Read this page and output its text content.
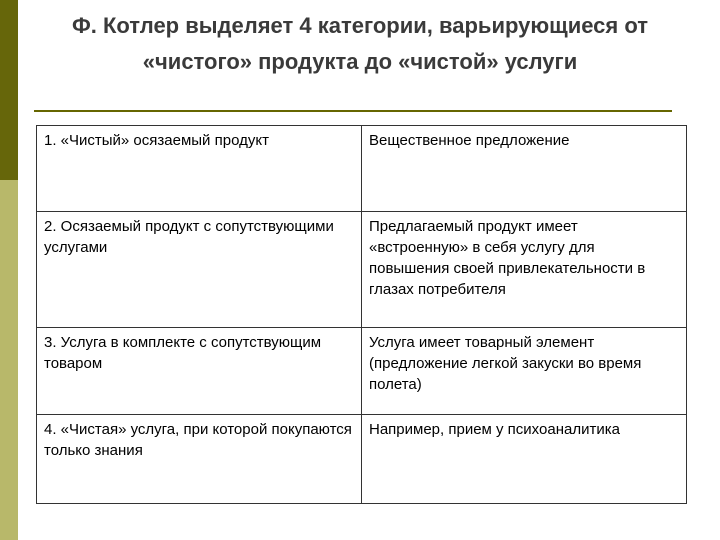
Ф. Котлер выделяет 4 категории, варьирующиеся от «чистого» продукта до «чистой» услуги
1. «Чистый» осязаемый продукт	Вещественное предложение
2. Осязаемый продукт с сопутствующими услугами	Предлагаемый продукт имеет «встроенную» в себя услугу для повышения своей привлекательности в глазах потребителя
3. Услуга в комплекте с сопутствующим товаром	Услуга имеет товарный элемент (предложение легкой закуски во время полета)
4. «Чистая» услуга, при которой покупаются только знания	Например, прием у психоаналитика
